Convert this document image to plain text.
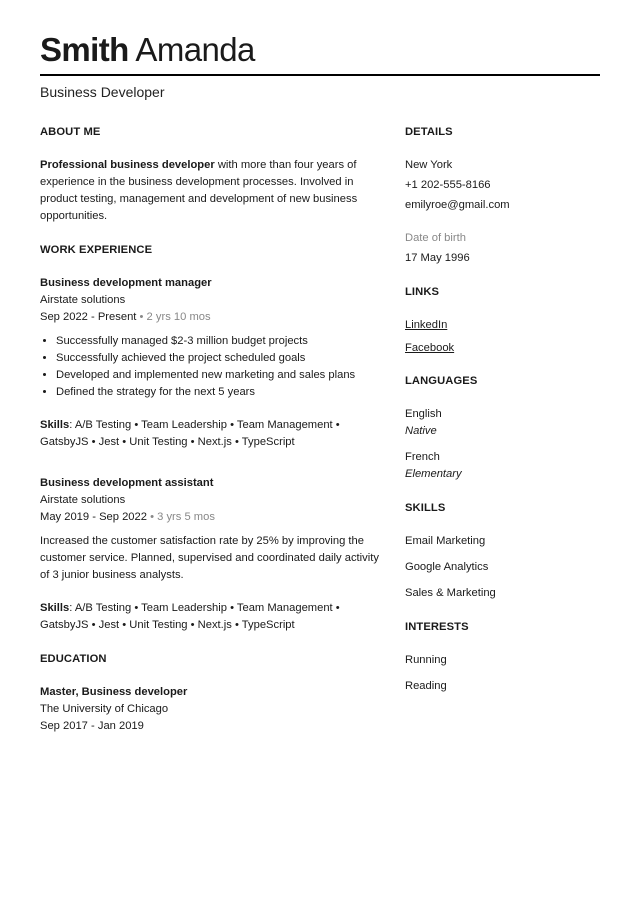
Smith Amanda
Business Developer
ABOUT ME

Professional business developer with more than four years of experience in the business development processes. Involved in product testing, management and development of new business opportunities.

WORK EXPERIENCE

Business development manager

Airstate solutions

Sep 2022 - Present • 2 yrs 10 mos

• Successfully managed $2-3 million budget projects
• Successfully achieved the project scheduled goals
• Developed and implemented new marketing and sales plans
• Defined the strategy for the next 5 years

Skills: A/B Testing • Team Leadership • Team Management • GatsbyJS • Jest • Unit Testing • Next.js • TypeScript

Business development assistant

Airstate solutions

May 2019 - Sep 2022 • 3 yrs 5 mos

Increased the customer satisfaction rate by 25% by improving the customer service. Planned, supervised and coordinated daily activity of 3 junior business analysts.

Skills: A/B Testing • Team Leadership • Team Management • GatsbyJS • Jest • Unit Testing • Next.js • TypeScript

EDUCATION

Master, Business developer

The University of Chicago

Sep 2017 - Jan 2019

DETAILS

New York

+1 202-555-8166

emilyroe@gmail.com

Date of birth

17 May 1996

LINKS
LinkedIn
Facebook
LANGUAGES

English

Native

French

Elementary

SKILLS

Email Marketing

Google Analytics

Sales & Marketing

INTERESTS

Running

Reading
